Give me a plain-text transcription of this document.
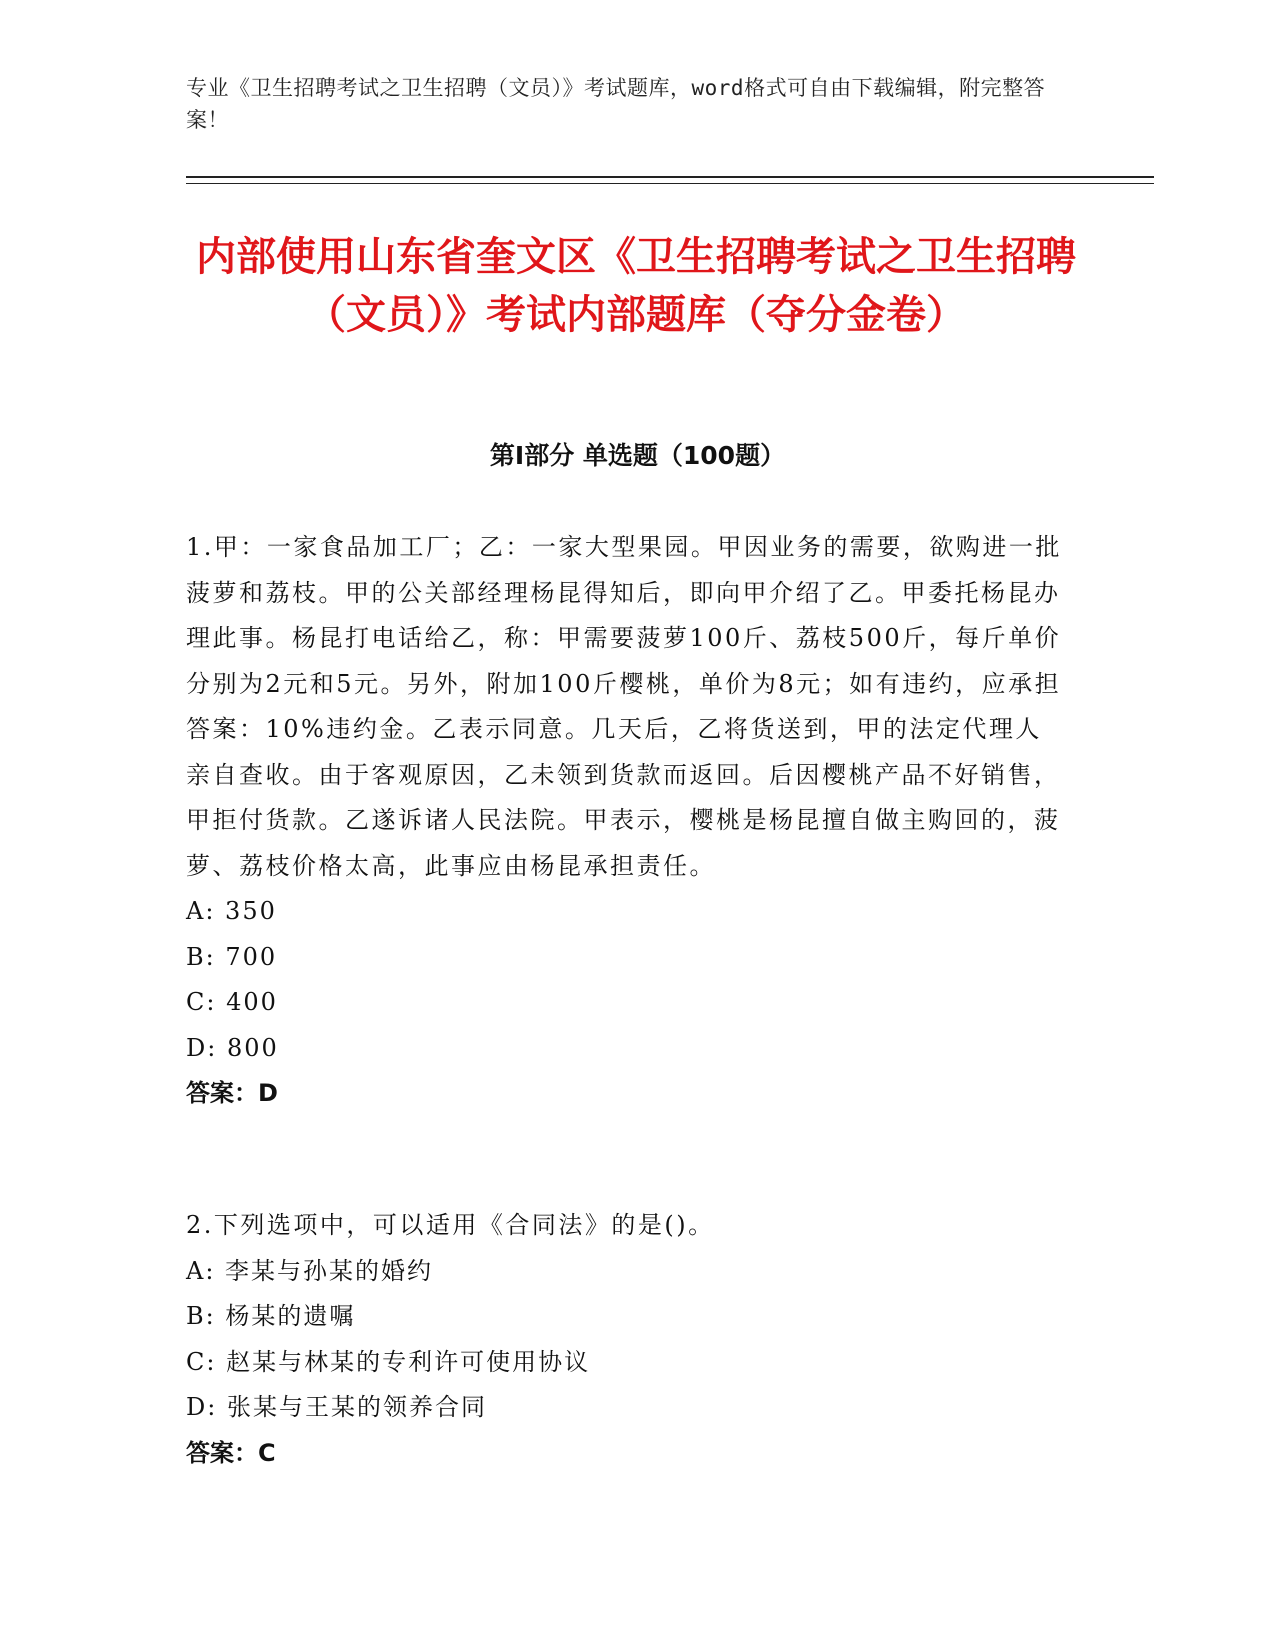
专业《卫生招聘考试之卫生招聘（文员）》考试题库，word格式可自由下载编辑，附完整答案！
内部使用山东省奎文区《卫生招聘考试之卫生招聘（文员）》考试内部题库（夺分金卷）
第I部分 单选题（100题）

1.甲：一家食品加工厂；乙：一家大型果园。甲因业务的需要，欲购进一批菠萝和荔枝。甲的公关部经理杨昆得知后，即向甲介绍了乙。甲委托杨昆办理此事。杨昆打电话给乙，称：甲需要菠萝100斤、荔枝500斤，每斤单价分别为2元和5元。另外，附加100斤樱桃，单价为8元；如有违约，应承担答案：10%违约金。乙表示同意。几天后，乙将货送到，甲的法定代理人亲自查收。由于客观原因，乙未领到货款而返回。后因樱桃产品不好销售，甲拒付货款。乙遂诉诸人民法院。甲表示，樱桃是杨昆擅自做主购回的，菠萝、荔枝价格太高，此事应由杨昆承担责任。

A: 350
B: 700
C: 400
D: 800
答案：D

2.下列选项中，可以适用《合同法》的是()。

A: 李某与孙某的婚约
B: 杨某的遗嘱
C: 赵某与林某的专利许可使用协议
D: 张某与王某的领养合同
答案：C
